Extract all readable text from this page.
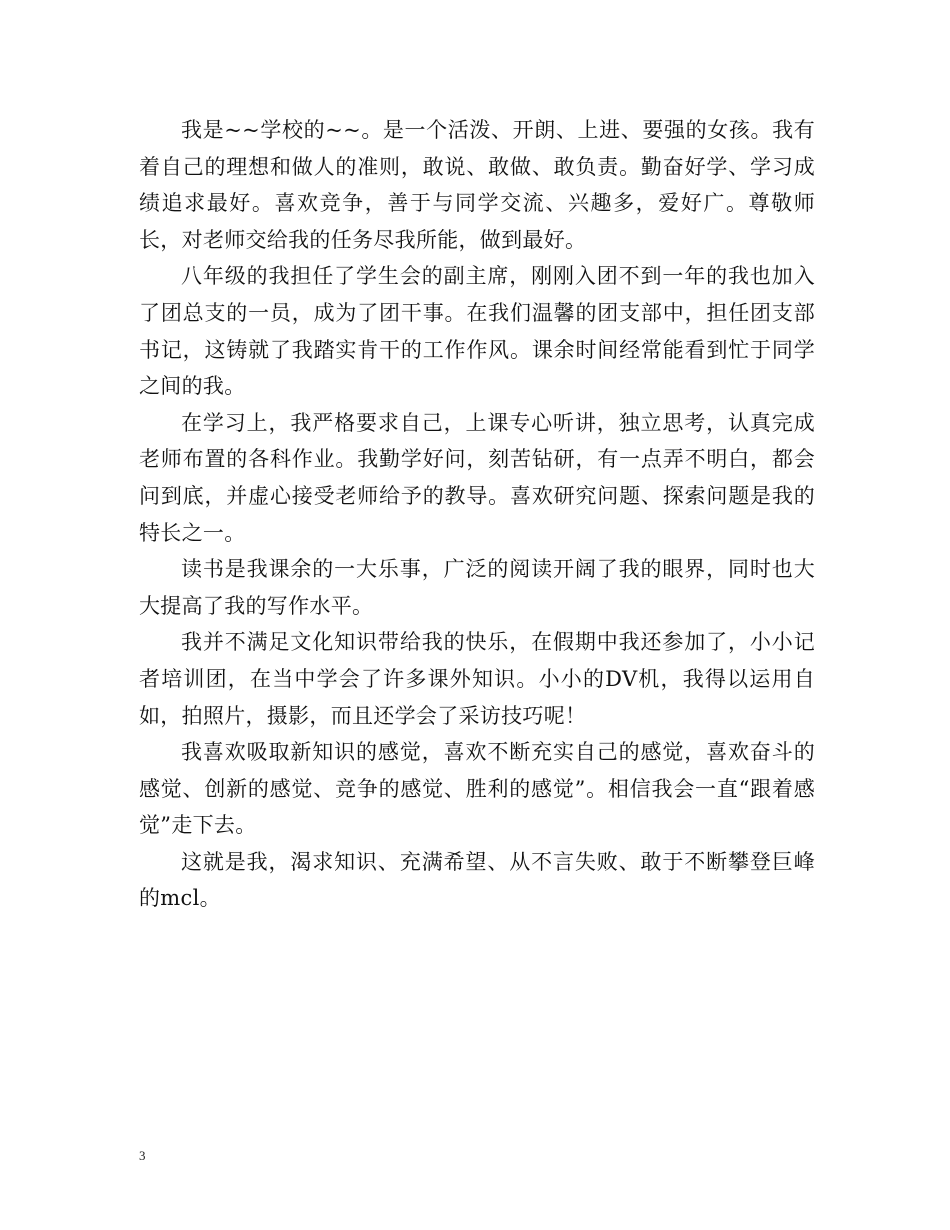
我是~~学校的~~。是一个活泼、开朗、上进、要强的女孩。我有着自己的理想和做人的准则，敢说、敢做、敢负责。勤奋好学、学习成绩追求最好。喜欢竞争，善于与同学交流、兴趣多，爱好广。尊敬师长，对老师交给我的任务尽我所能，做到最好。

八年级的我担任了学生会的副主席，刚刚入团不到一年的我也加入了团总支的一员，成为了团干事。在我们温馨的团支部中，担任团支部书记，这铸就了我踏实肯干的工作作风。课余时间经常能看到忙于同学之间的我。

在学习上，我严格要求自己，上课专心听讲，独立思考，认真完成老师布置的各科作业。我勤学好问，刻苦钻研，有一点弄不明白，都会问到底，并虚心接受老师给予的教导。喜欢研究问题、探索问题是我的特长之一。

读书是我课余的一大乐事，广泛的阅读开阔了我的眼界，同时也大大提高了我的写作水平。

我并不满足文化知识带给我的快乐，在假期中我还参加了，小小记者培训团，在当中学会了许多课外知识。小小的DV机，我得以运用自如，拍照片，摄影，而且还学会了采访技巧呢！

我喜欢吸取新知识的感觉，喜欢不断充实自己的感觉，喜欢奋斗的感觉、创新的感觉、竞争的感觉、胜利的感觉”。相信我会一直“跟着感觉”走下去。

这就是我，渴求知识、充满希望、从不言失败、敢于不断攀登巨峰的mcl。

3
